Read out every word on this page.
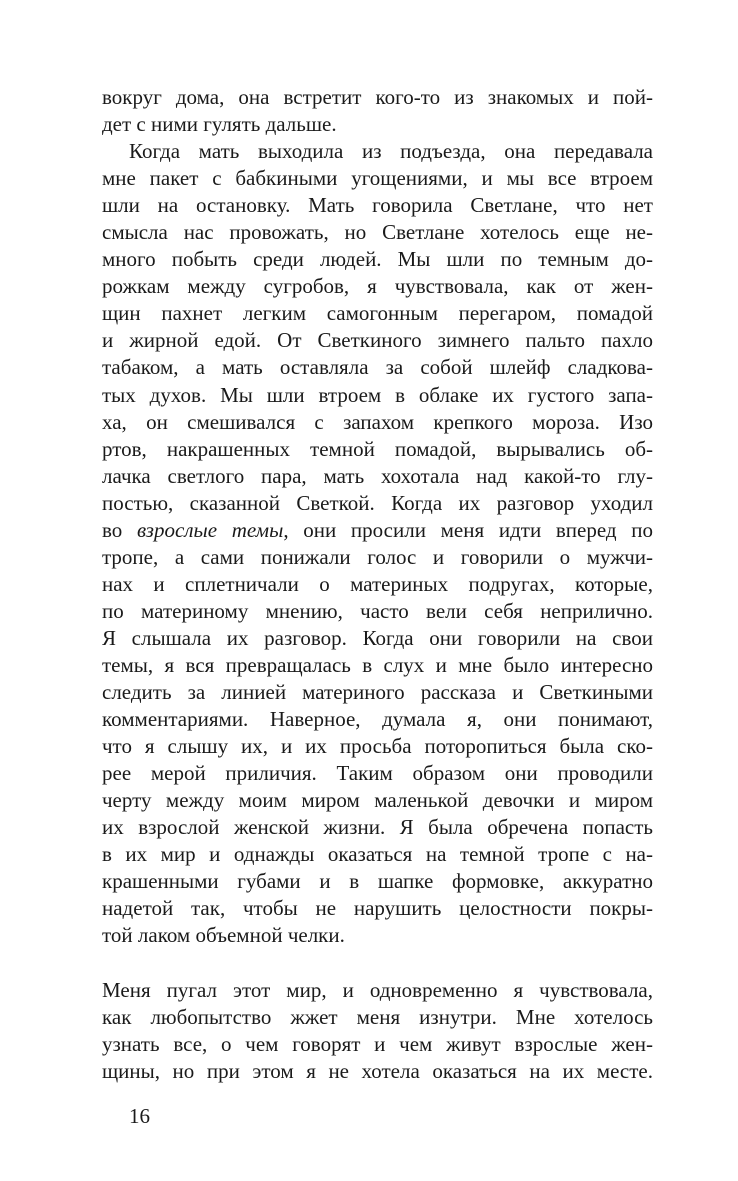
вокруг дома, она встретит кого-то из знакомых и пой-
дет с ними гулять дальше.
Когда мать выходила из подъезда, она передавала
мне пакет с бабкиными угощениями, и мы все втроем
шли на остановку. Мать говорила Светлане, что нет
смысла нас провожать, но Светлане хотелось еще не-
много побыть среди людей. Мы шли по темным до-
рожкам между сугробов, я чувствовала, как от жен-
щин пахнет легким самогонным перегаром, помадой
и жирной едой. От Светкиного зимнего пальто пахло
табаком, а мать оставляла за собой шлейф сладкова-
тых духов. Мы шли втроем в облаке их густого запа-
ха, он смешивался с запахом крепкого мороза. Изо
ртов, накрашенных темной помадой, вырывались об-
лачка светлого пара, мать хохотала над какой-то глу-
постью, сказанной Светкой. Когда их разговор уходил
во взрослые темы, они просили меня идти вперед по
тропе, а сами понижали голос и говорили о мужчи-
нах и сплетничали о материных подругах, которые,
по материному мнению, часто вели себя неприлично.
Я слышала их разговор. Когда они говорили на свои
темы, я вся превращалась в слух и мне было интересно
следить за линией материного рассказа и Светкиными
комментариями. Наверное, думала я, они понимают,
что я слышу их, и их просьба поторопиться была ско-
рее мерой приличия. Таким образом они проводили
черту между моим миром маленькой девочки и миром
их взрослой женской жизни. Я была обречена попасть
в их мир и однажды оказаться на темной тропе с на-
крашенными губами и в шапке формовке, аккуратно
надетой так, чтобы не нарушить целостности покры-
той лаком объемной челки.
Меня пугал этот мир, и одновременно я чувствовала,
как любопытство жжет меня изнутри. Мне хотелось
узнать все, о чем говорят и чем живут взрослые жен-
щины, но при этом я не хотела оказаться на их месте.
16
